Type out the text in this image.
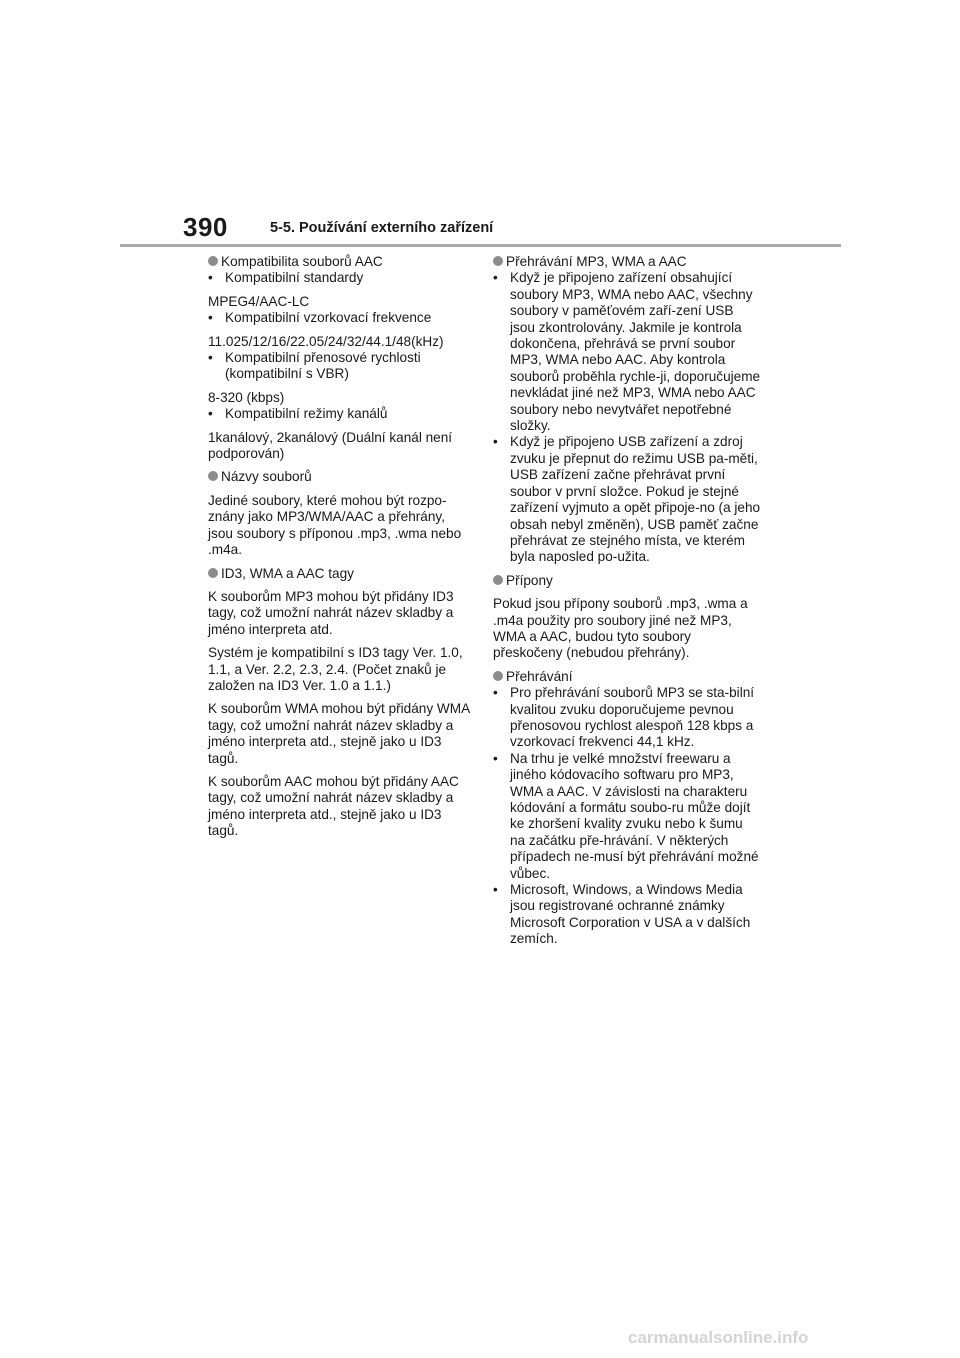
390	5-5. Používání externího zařízení
Kompatibilita souborů AAC
• Kompatibilní standardy
MPEG4/AAC-LC
• Kompatibilní vzorkovací frekvence
11.025/12/16/22.05/24/32/44.1/48(kHz)
• Kompatibilní přenosové rychlosti (kompatibilní s VBR)
8-320 (kbps)
• Kompatibilní režimy kanálů
1kanálový, 2kanálový (Duální kanál není podporován)
Názvy souborů
Jediné soubory, které mohou být rozpo-znány jako MP3/WMA/AAC a přehrány, jsou soubory s příponou .mp3, .wma nebo .m4a.
ID3, WMA a AAC tagy
K souborům MP3 mohou být přidány ID3 tagy, což umožní nahrát název skladby a jméno interpreta atd.
Systém je kompatibilní s ID3 tagy Ver. 1.0, 1.1, a Ver. 2.2, 2.3, 2.4. (Počet znaků je založen na ID3 Ver. 1.0 a 1.1.)
K souborům WMA mohou být přidány WMA tagy, což umožní nahrát název skladby a jméno interpreta atd., stejně jako u ID3 tagů.
K souborům AAC mohou být přidány AAC tagy, což umožní nahrát název skladby a jméno interpreta atd., stejně jako u ID3 tagů.
Přehrávání MP3, WMA a AAC
• Když je připojeno zařízení obsahující soubory MP3, WMA nebo AAC, všechny soubory v paměťovém zaří-zení USB jsou zkontrolovány. Jakmile je kontrola dokončena, přehrává se první soubor MP3, WMA nebo AAC. Aby kontrola souborů proběhla rychle-ji, doporučujeme nevkládat jiné než MP3, WMA nebo AAC soubory nebo nevytvářet nepotřebné složky.
• Když je připojeno USB zařízení a zdroj zvuku je přepnut do režimu USB pa-měti, USB zařízení začne přehrávat první soubor v první složce. Pokud je stejné zařízení vyjmuto a opět připoje-no (a jeho obsah nebyl změněn), USB paměť začne přehrávat ze stejného místa, ve kterém byla naposled po-užita.
Přípony
Pokud jsou přípony souborů .mp3, .wma a .m4a použity pro soubory jiné než MP3, WMA a AAC, budou tyto soubory přeskočeny (nebudou přehrány).
Přehrávání
• Pro přehrávání souborů MP3 se sta-bilní kvalitou zvuku doporučujeme pevnou přenosovou rychlost alespoň 128 kbps a vzorkovací frekvenci 44,1 kHz.
• Na trhu je velké množství freewaru a jiného kódovacího softwaru pro MP3, WMA a AAC. V závislosti na charakteru kódování a formátu soubo-ru může dojít ke zhoršení kvality zvuku nebo k šumu na začátku pře-hrávání. V některých případech ne-musí být přehrávání možné vůbec.
• Microsoft, Windows, a Windows Media jsou registrované ochranné známky Microsoft Corporation v USA a v dalších zemích.
carmanualsonline.info
